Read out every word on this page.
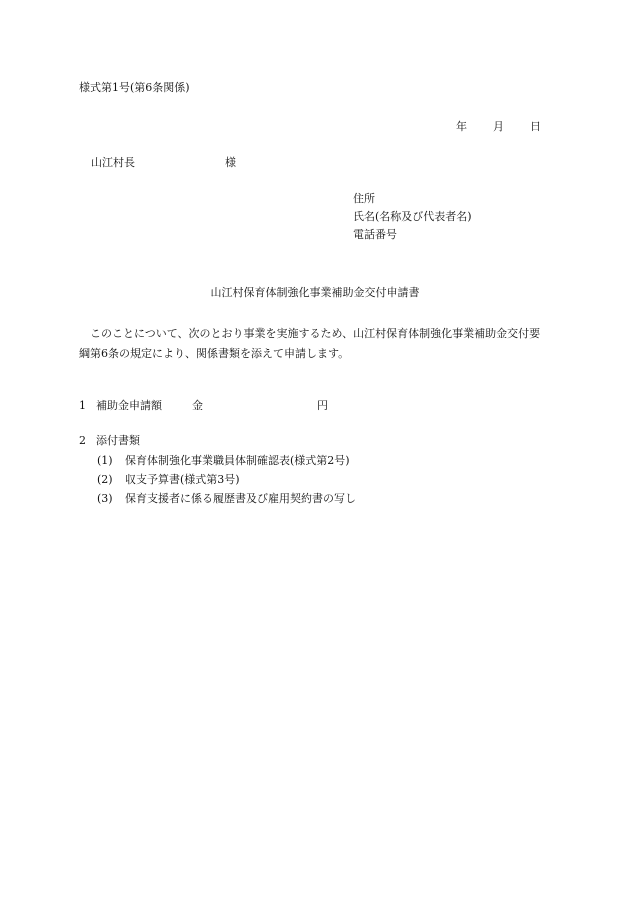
様式第1号(第6条関係)
年 月 日
山江村長	様
住所
氏名(名称及び代表者名)
電話番号
山江村保育体制強化事業補助金交付申請書
このことについて、次のとおり事業を実施するため、山江村保育体制強化事業補助金交付要綱第6条の規定により、関係書類を添えて申請します。
1 補助金申請額	金	円
2 添付書類
(1) 保育体制強化事業職員体制確認表(様式第2号)
(2) 収支予算書(様式第3号)
(3) 保育支援者に係る履歴書及び雇用契約書の写し
